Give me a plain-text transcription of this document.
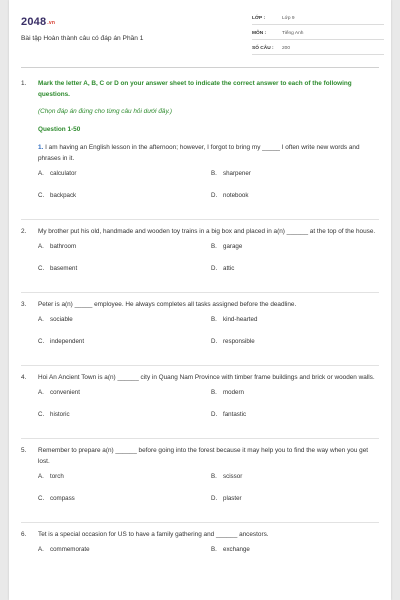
2048.vn
Bài tập Hoàn thành câu có đáp án Phần 1
LỚP :	Lớp 9
MÔN :	Tiếng Anh
SỐ CÂU : 200
1. Mark the letter A, B, C or D on your answer sheet to indicate the correct answer to each of the following questions.
(Chọn đáp án đúng cho từng câu hỏi dưới đây.)
Question 1-50
1. I am having an English lesson in the afternoon; however, I forgot to bring my _____ I often write new words and phrases in it.
A. calculator	B. sharpener
C. backpack	D. notebook
2. My brother put his old, handmade and wooden toy trains in a big box and placed in a(n) ______ at the top of the house.
A. bathroom	B. garage
C. basement	D. attic
3. Peter is a(n) _____ employee. He always completes all tasks assigned before the deadline.
A. sociable	B. kind-hearted
C. independent	D. responsible
4. Hoi An Ancient Town is a(n) ______ city in Quang Nam Province with timber frame buildings and brick or wooden walls.
A. convenient	B. modern
C. historic	D. fantastic
5. Remember to prepare a(n) ______ before going into the forest because it may help you to find the way when you get lost.
A. torch	B. scissor
C. compass	D. plaster
6. Tet is a special occasion for US to have a family gathering and ______ ancestors.
A. commemorate	B. exchange
